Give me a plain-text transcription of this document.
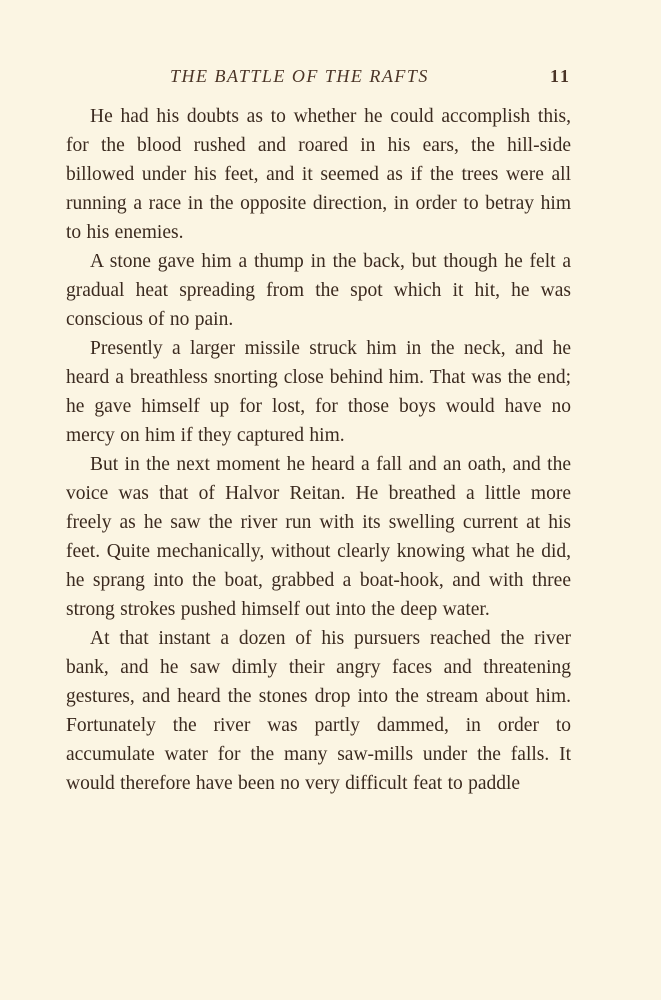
THE BATTLE OF THE RAFTS	11

He had his doubts as to whether he could accomplish this, for the blood rushed and roared in his ears, the hill-side billowed under his feet, and it seemed as if the trees were all running a race in the opposite direction, in order to betray him to his enemies.

A stone gave him a thump in the back, but though he felt a gradual heat spreading from the spot which it hit, he was conscious of no pain.

Presently a larger missile struck him in the neck, and he heard a breathless snorting close behind him. That was the end; he gave himself up for lost, for those boys would have no mercy on him if they captured him.

But in the next moment he heard a fall and an oath, and the voice was that of Halvor Reitan. He breathed a little more freely as he saw the river run with its swelling current at his feet. Quite mechanically, without clearly knowing what he did, he sprang into the boat, grabbed a boat-hook, and with three strong strokes pushed himself out into the deep water.

At that instant a dozen of his pursuers reached the river bank, and he saw dimly their angry faces and threatening gestures, and heard the stones drop into the stream about him. Fortunately the river was partly dammed, in order to accumulate water for the many saw-mills under the falls. It would therefore have been no very difficult feat to paddle
